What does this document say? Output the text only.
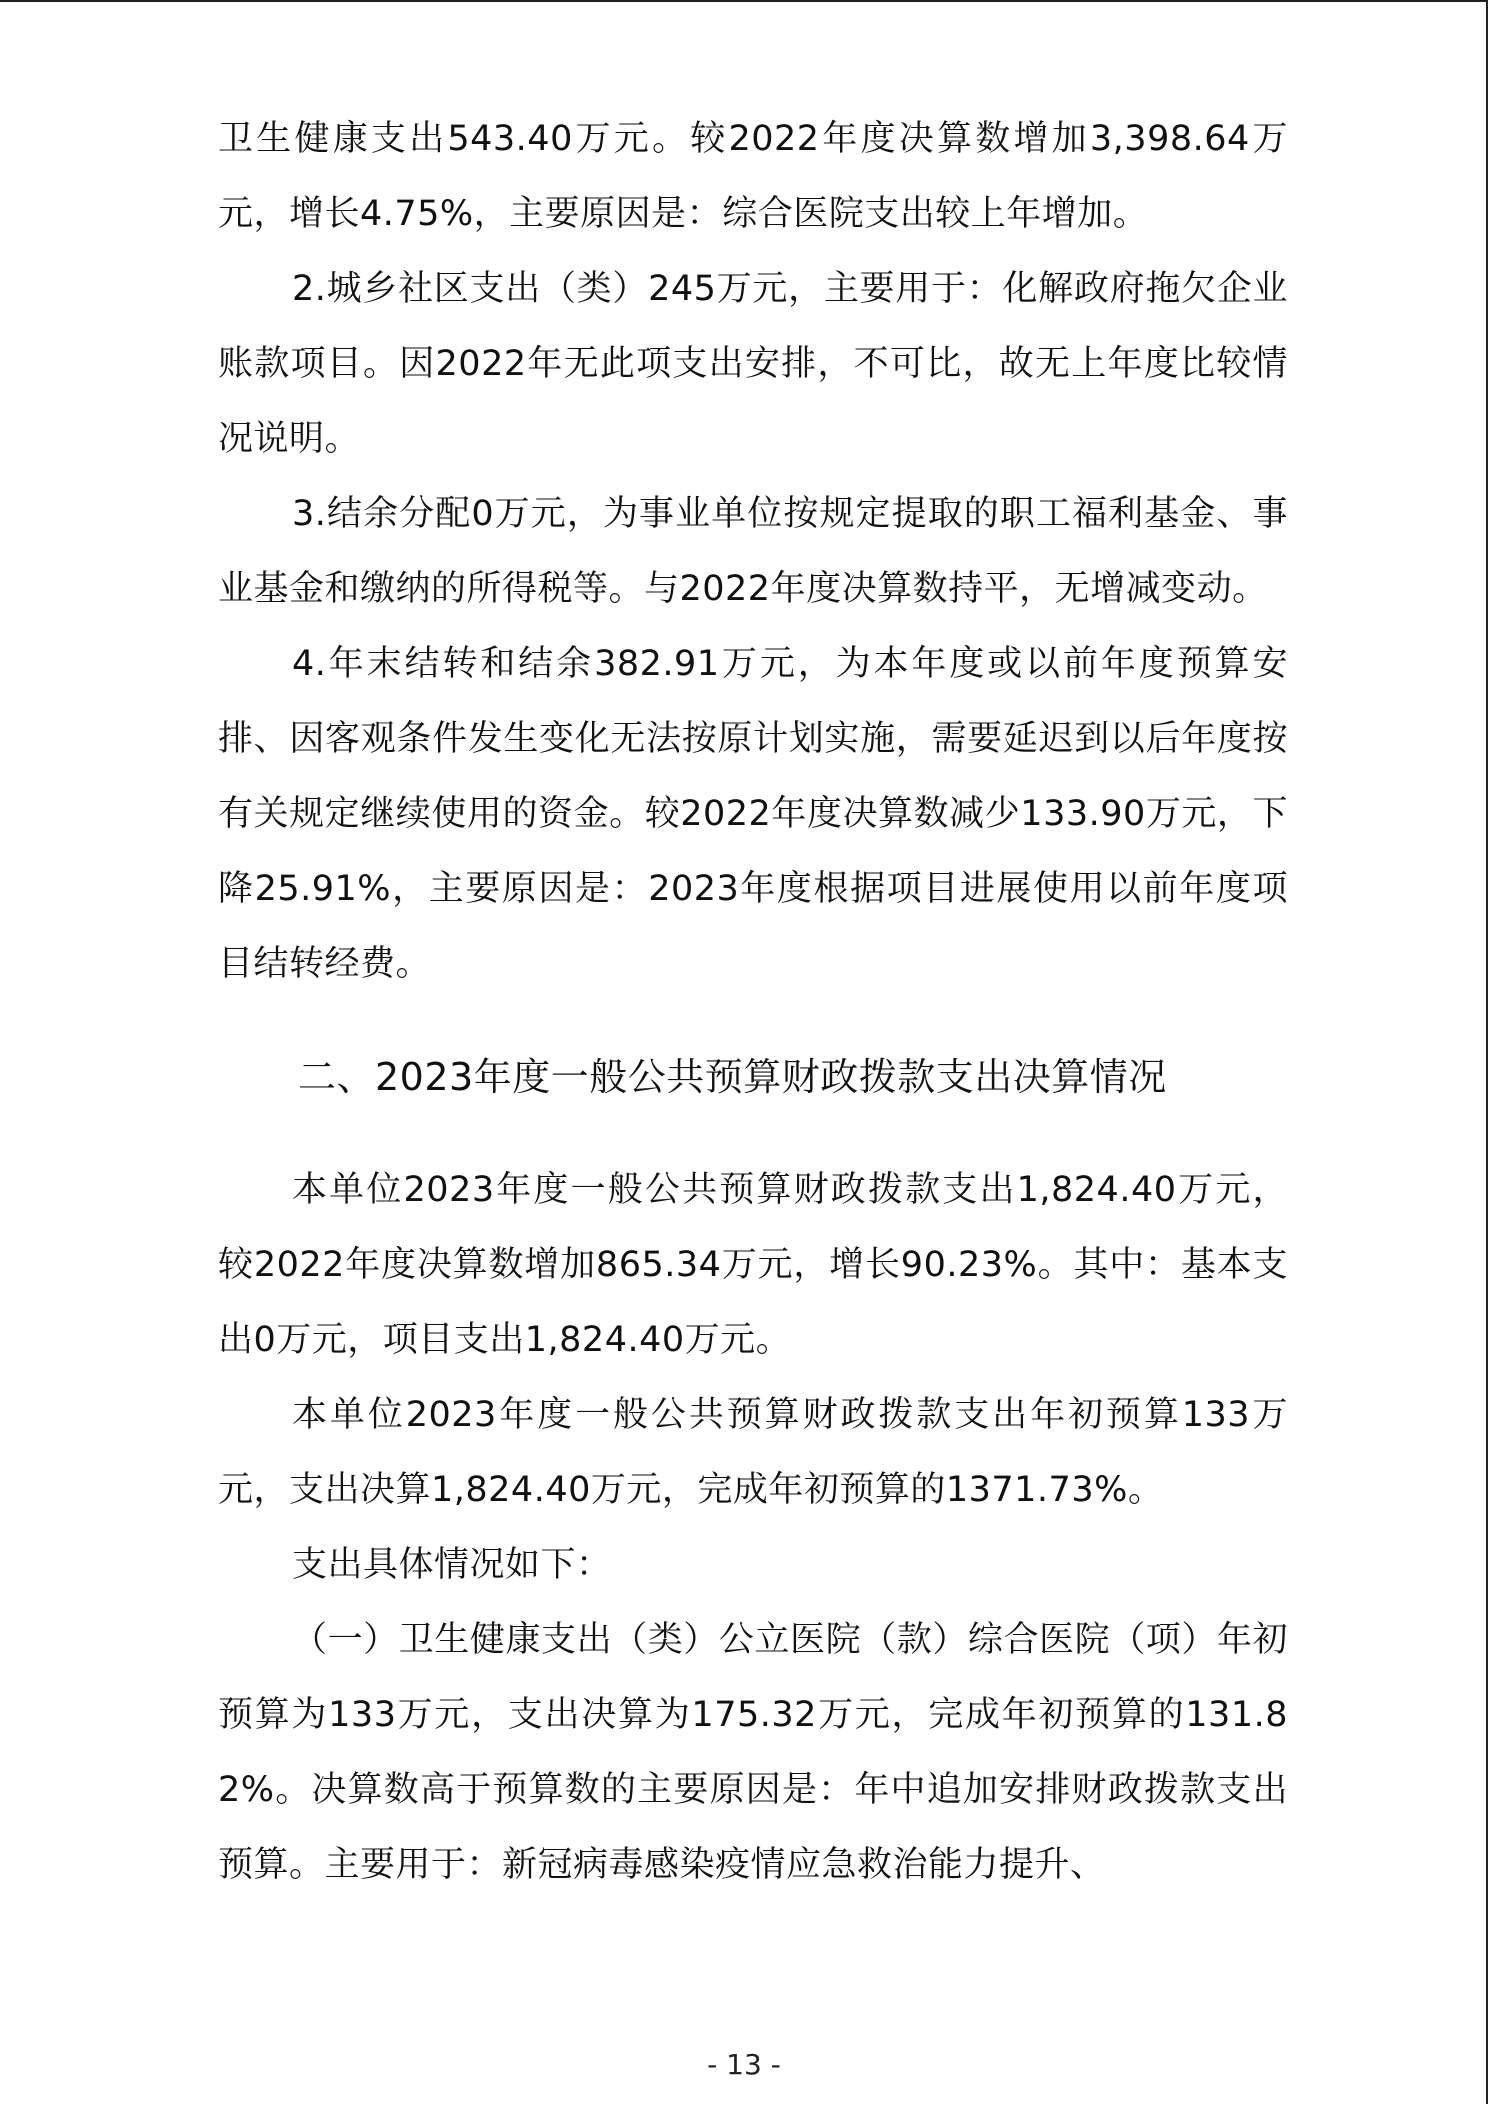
卫生健康支出543.40万元。较2022年度决算数增加3,398.64万元，增长4.75%，主要原因是：综合医院支出较上年增加。

2.城乡社区支出（类）245万元，主要用于：化解政府拖欠企业账款项目。因2022年无此项支出安排，不可比，故无上年度比较情况说明。

3.结余分配0万元，为事业单位按规定提取的职工福利基金、事业基金和缴纳的所得税等。与2022年度决算数持平，无增减变动。

4.年末结转和结余382.91万元，为本年度或以前年度预算安排、因客观条件发生变化无法按原计划实施，需要延迟到以后年度按有关规定继续使用的资金。较2022年度决算数减少133.90万元，下降25.91%，主要原因是：2023年度根据项目进展使用以前年度项目结转经费。

二、2023年度一般公共预算财政拨款支出决算情况

本单位2023年度一般公共预算财政拨款支出1,824.40万元，较2022年度决算数增加865.34万元，增长90.23%。其中：基本支出0万元，项目支出1,824.40万元。

本单位2023年度一般公共预算财政拨款支出年初预算133万元，支出决算1,824.40万元，完成年初预算的1371.73%。

支出具体情况如下：

（一）卫生健康支出（类）公立医院（款）综合医院（项）年初预算为133万元，支出决算为175.32万元，完成年初预算的131.82%。决算数高于预算数的主要原因是：年中追加安排财政拨款支出预算。主要用于：新冠病毒感染疫情应急救治能力提升、

- 13 -
